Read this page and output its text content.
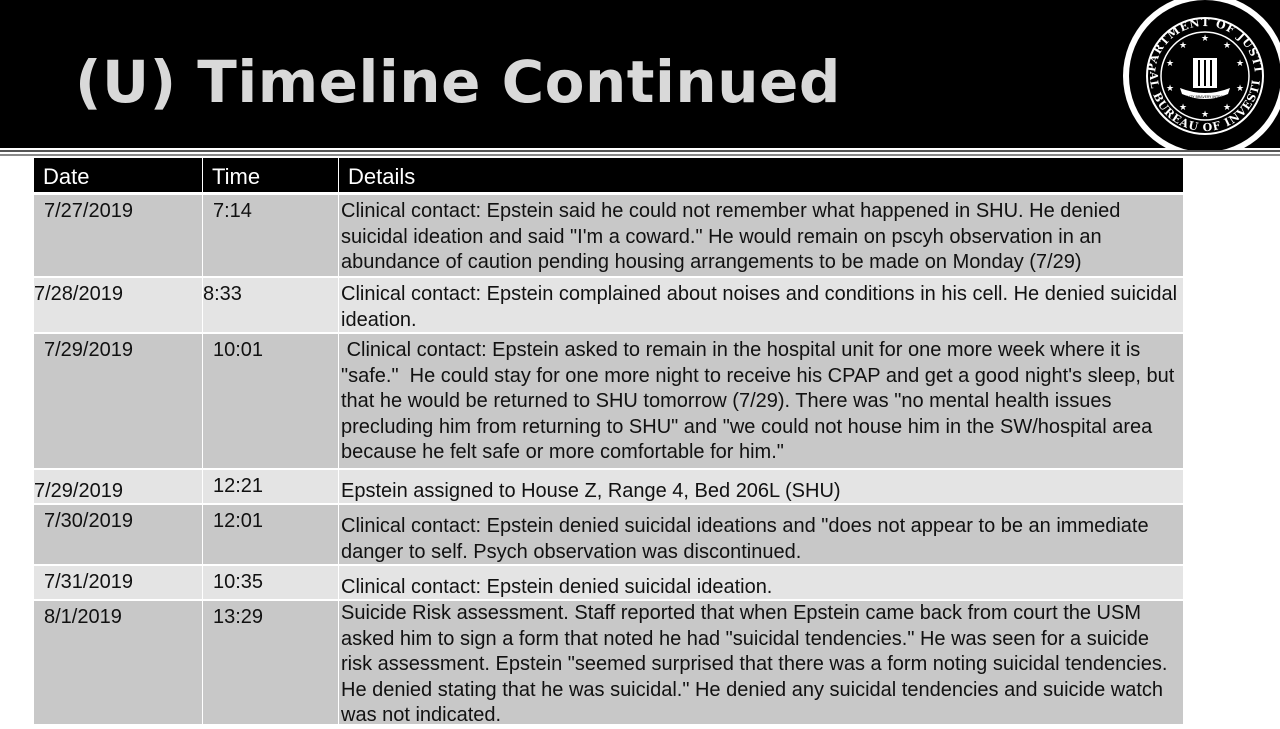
(U) Timeline Continued	PARTMENT OF JUSTI
AL BUREAU OF INVESTI
★
★
★
★
★
★
★
★
★
★
FIDELITY BRAVERY INTEGRITY
Date	Time	Details
7/27/2019	7:14	Clinical contact: Epstein said he could not remember what happened in SHU. He denied suicidal ideation and said "I'm a coward." He would remain on pscyh observation in an abundance of caution pending housing arrangements to be made on Monday (7/29)
7/28/2019	8:33	Clinical contact: Epstein complained about noises and conditions in his cell. He denied suicidal ideation.
7/29/2019	10:01	Clinical contact: Epstein asked to remain in the hospital unit for one more week where it is "safe."  He could stay for one more night to receive his CPAP and get a good night's sleep, but that he would be returned to SHU tomorrow (7/29). There was "no mental health issues precluding him from returning to SHU" and "we could not house him in the SW/hospital area because he felt safe or more comfortable for him."
7/29/2019	12:21	Epstein assigned to House Z, Range 4, Bed 206L (SHU)
7/30/2019	12:01	Clinical contact: Epstein denied suicidal ideations and "does not appear to be an immediate danger to self. Psych observation was discontinued.
7/31/2019	10:35	Clinical contact: Epstein denied suicidal ideation.
8/1/2019	13:29	Suicide Risk assessment. Staff reported that when Epstein came back from court the USM asked him to sign a form that noted he had "suicidal tendencies." He was seen for a suicide risk assessment. Epstein "seemed surprised that there was a form noting suicidal tendencies. He denied stating that he was suicidal." He denied any suicidal tendencies and suicide watch was not indicated.
